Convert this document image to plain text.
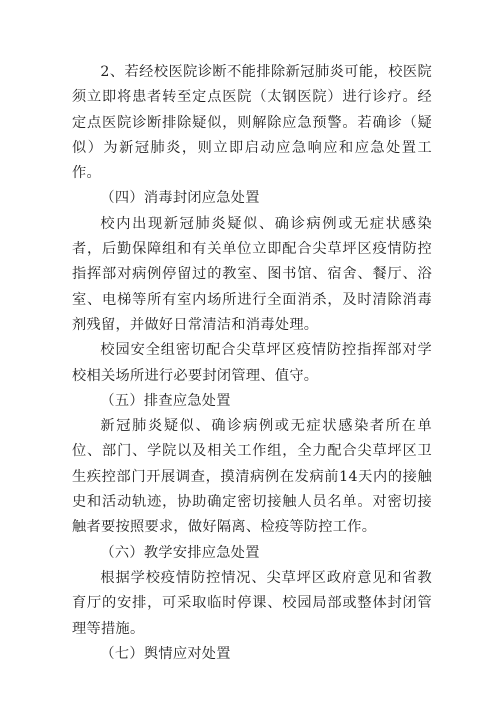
2、若经校医院诊断不能排除新冠肺炎可能，校医院须立即将患者转至定点医院（太钢医院）进行诊疗。经定点医院诊断排除疑似，则解除应急预警。若确诊（疑似）为新冠肺炎，则立即启动应急响应和应急处置工作。

（四）消毒封闭应急处置

校内出现新冠肺炎疑似、确诊病例或无症状感染者，后勤保障组和有关单位立即配合尖草坪区疫情防控指挥部对病例停留过的教室、图书馆、宿舍、餐厅、浴室、电梯等所有室内场所进行全面消杀，及时清除消毒剂残留，并做好日常清洁和消毒处理。

校园安全组密切配合尖草坪区疫情防控指挥部对学校相关场所进行必要封闭管理、值守。

（五）排查应急处置

新冠肺炎疑似、确诊病例或无症状感染者所在单位、部门、学院以及相关工作组，全力配合尖草坪区卫生疾控部门开展调查，摸清病例在发病前14天内的接触史和活动轨迹，协助确定密切接触人员名单。对密切接触者要按照要求，做好隔离、检疫等防控工作。

（六）教学安排应急处置

根据学校疫情防控情况、尖草坪区政府意见和省教育厅的安排，可采取临时停课、校园局部或整体封闭管理等措施。

（七）舆情应对处置
